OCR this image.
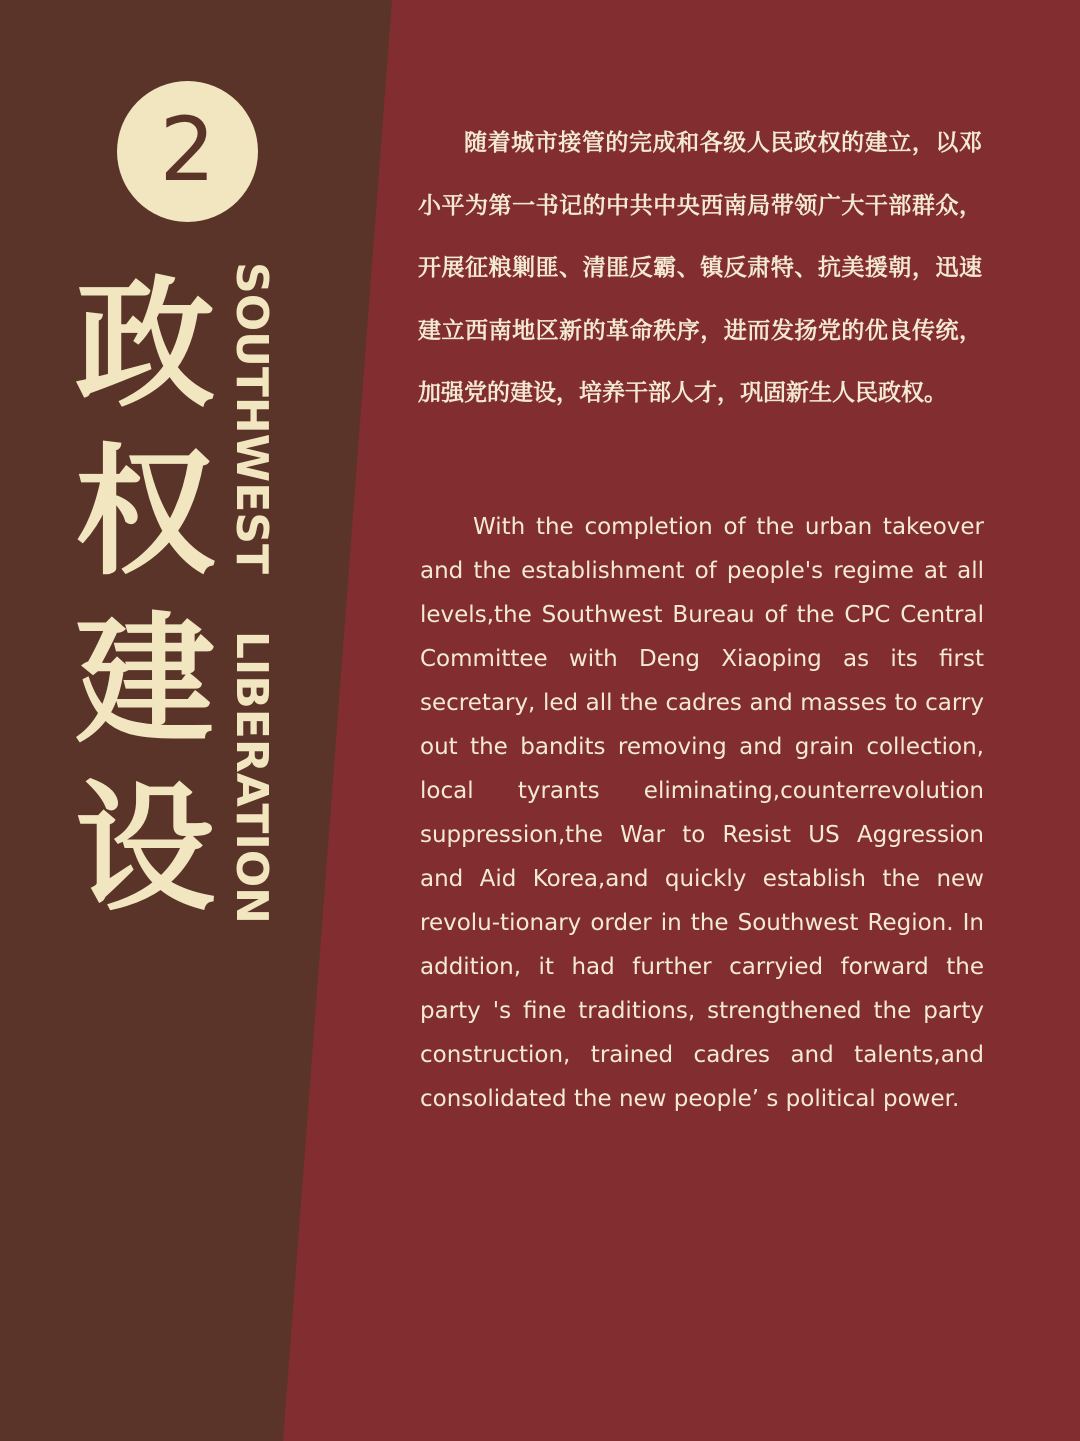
2
政
权
建
设 SOUTHWEST LIBERATION

随着城市接管的完成和各级人民政权的建立，以邓小平为第一书记的中共中央西南局带领广大干部群众，开展征粮剿匪、清匪反霸、镇反肃特、抗美援朝，迅速建立西南地区新的革命秩序，进而发扬党的优良传统，加强党的建设，培养干部人才，巩固新生人民政权。

With the completion of the urban takeover and the establishment of people's regime at all levels,the Southwest Bureau of the CPC Central Committee with Deng Xiaoping as its first secretary, led all the cadres and masses to carry out the bandits removing and grain collection, local tyrants eliminating,counterrevolution suppression,the War to Resist US Aggression and Aid Korea,and quickly establish the new revolu-tionary order in the Southwest Region. In addition, it had further carryied forward the party 's fine traditions, strengthened the party construction, trained cadres and talents,and consolidated the new people’ s political power.
